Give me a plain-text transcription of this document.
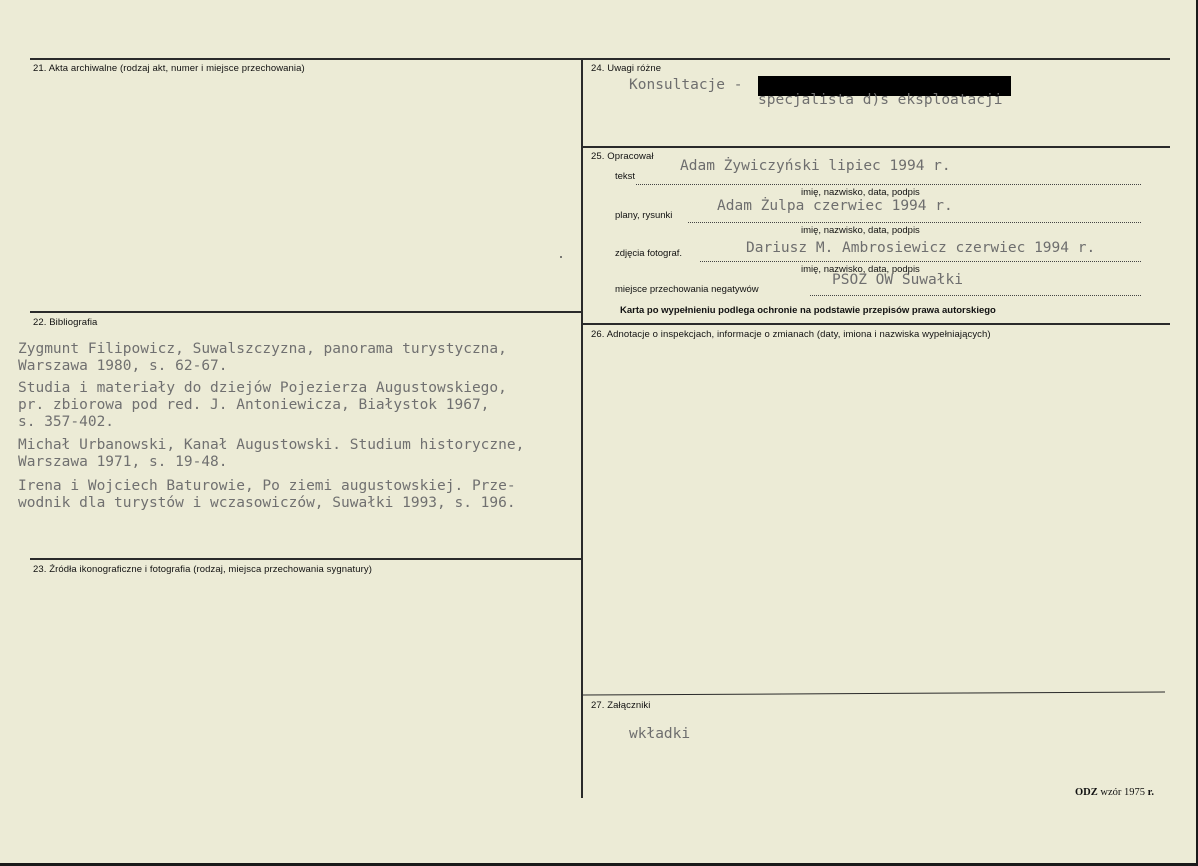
21. Akta archiwalne (rodzaj akt, numer i miejsce przechowania)
22. Bibliografia
Zygmunt Filipowicz, Suwalszczyzna, panorama turystyczna,
Warszawa 1980, s. 62-67.
Studia i materiały do dziejów Pojezierza Augustowskiego,
pr. zbiorowa pod red. J. Antoniewicza, Białystok 1967,
s. 357-402.
Michał Urbanowski, Kanał Augustowski. Studium historyczne,
Warszawa 1971, s. 19-48.
Irena i Wojciech Baturowie, Po ziemi augustowskiej. Prze-
wodnik dla turystów i wczasowiczów, Suwałki 1993, s. 196.
23. Źródła ikonograficzne i fotografia (rodzaj, miejsca przechowania sygnatury)
24. Uwagi różne
Konsultacje -
specjalista d)s eksploatacji
25. Opracował
tekst
Adam Żywiczyński lipiec 1994 r.
imię, nazwisko, data, podpis
plany, rysunki
Adam Żulpa czerwiec 1994 r.
imię, nazwisko, data, podpis
zdjęcia fotograf.	Dariusz M. Ambrosiewicz czerwiec 1994 r.
imię, nazwisko, data, podpis
miejsce przechowania negatywów
PSOZ OW Suwałki
Karta po wypełnieniu podlega ochronie na podstawie przepisów prawa autorskiego
26. Adnotacje o inspekcjach, informacje o zmianach (daty, imiona i nazwiska wypełniających)
27. Załączniki
wkładki
ODZ wzór 1975 r.
